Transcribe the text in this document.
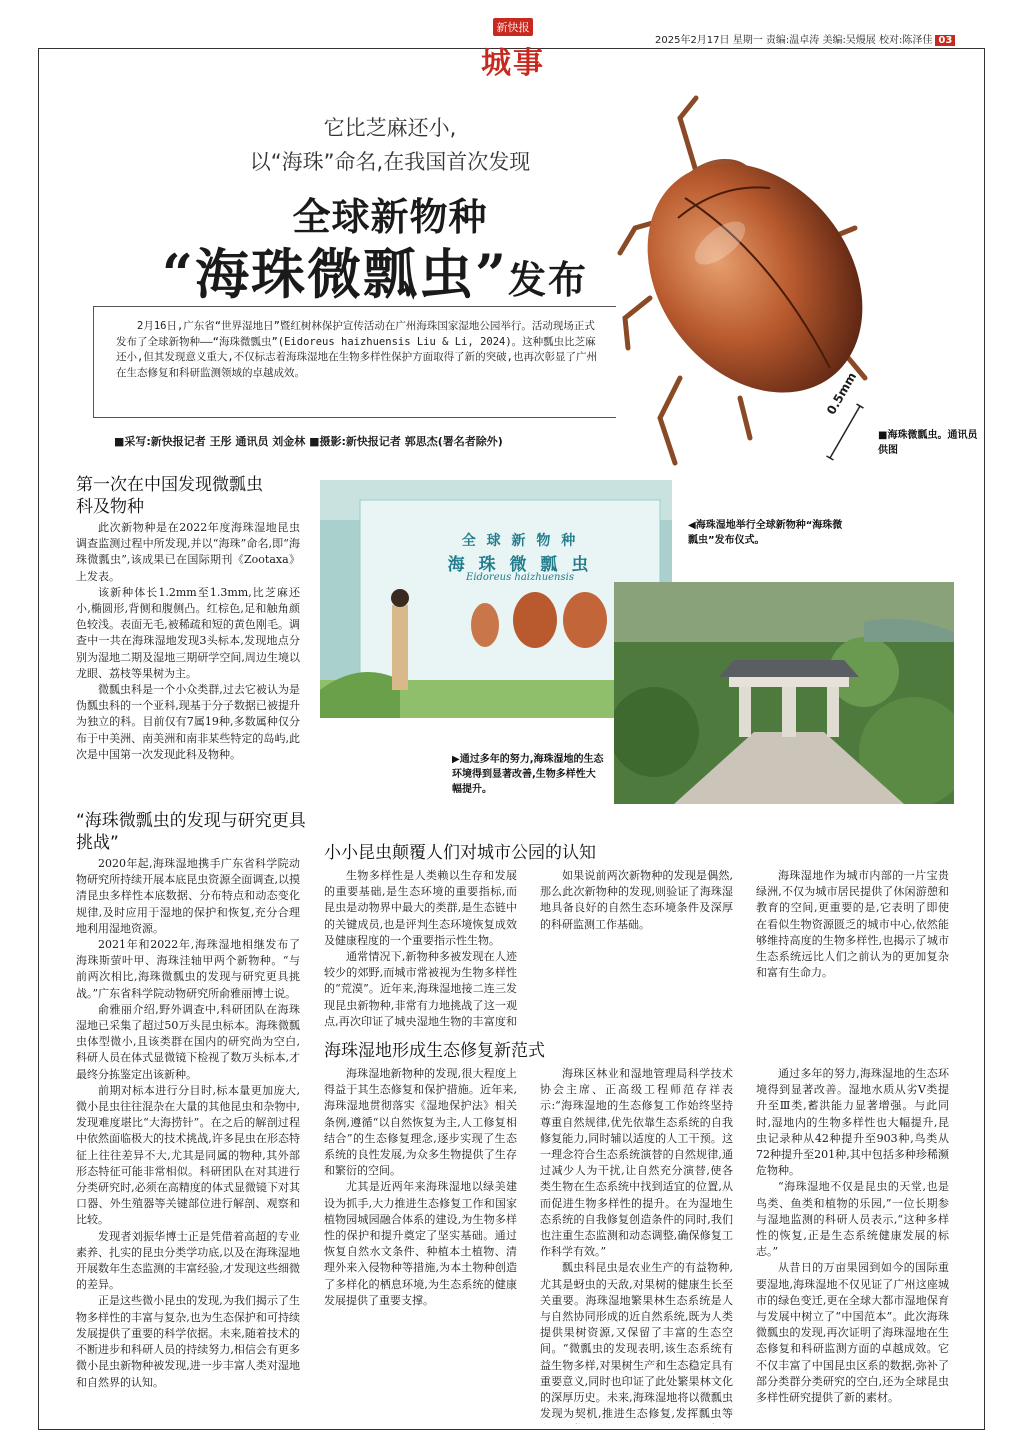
新快报
城事
2025年2月17日 星期一 责编:温卓涛 美编:吴熳展 校对:陈泽佳 03
它比芝麻还小,
以“海珠”命名,在我国首次发现
全球新物种
“海珠微瓢虫”发布
0.5mm
■海珠微瓢虫。通讯员供图
2月16日,广东省“世界湿地日”暨红树林保护宣传活动在广州海珠国家湿地公园举行。活动现场正式发布了全球新物种——“海珠微瓢虫”(Eidoreus haizhuensis Liu & Li, 2024)。这种瓢虫比芝麻还小,但其发现意义重大,不仅标志着海珠湿地在生物多样性保护方面取得了新的突破,也再次彰显了广州在生态修复和科研监测领域的卓越成效。
■采写:新快报记者 王彤 通讯员 刘金林 ■摄影:新快报记者 郭思杰(署名者除外)
全 球 新 物 种
海 珠 微 瓢 虫
Eidoreus haizhuensis
◀海珠湿地举行全球新物种“海珠微瓢虫”发布仪式。
▶通过多年的努力,海珠湿地的生态环境得到显著改善,生物多样性大幅提升。
第一次在中国发现微瓢虫科及物种

此次新物种是在2022年度海珠湿地昆虫调查监测过程中所发现,并以“海珠”命名,即“海珠微瓢虫”,该成果已在国际期刊《Zootaxa》上发表。

该新种体长1.2mm至1.3mm,比芝麻还小,椭圆形,背侧和腹侧凸。红棕色,足和触角颜色较浅。表面无毛,被稀疏和短的黄色刚毛。调查中一共在海珠湿地发现3头标本,发现地点分别为湿地二期及湿地三期研学空间,周边生境以龙眼、荔枝等果树为主。

微瓢虫科是一个小众类群,过去它被认为是伪瓢虫科的一个亚科,现基于分子数据已被提升为独立的科。目前仅有7属19种,多数属种仅分布于中美洲、南美洲和南非某些特定的岛屿,此次是中国第一次发现此科及物种。

“海珠微瓢虫的发现与研究更具挑战”

2020年起,海珠湿地携手广东省科学院动物研究所持续开展本底昆虫资源全面调查,以摸清昆虫多样性本底数据、分布特点和动态变化规律,及时应用于湿地的保护和恢复,充分合理地利用湿地资源。

2021年和2022年,海珠湿地相继发布了海珠斯萤叶甲、海珠洼轴甲两个新物种。“与前两次相比,海珠微瓢虫的发现与研究更具挑战。”广东省科学院动物研究所俞雅丽博士说。

俞雅丽介绍,野外调查中,科研团队在海珠湿地已采集了超过50万头昆虫标本。海珠微瓢虫体型微小,且该类群在国内的研究尚为空白,科研人员在体式显微镜下检视了数万头标本,才最终分拣鉴定出该新种。

前期对标本进行分目时,标本量更加庞大,微小昆虫往往混杂在大量的其他昆虫和杂物中,发现难度堪比“大海捞针”。在之后的解剖过程中依然面临极大的技术挑战,许多昆虫在形态特征上往往差异不大,尤其是同属的物种,其外部形态特征可能非常相似。科研团队在对其进行分类研究时,必须在高精度的体式显微镜下对其口器、外生殖器等关键部位进行解剖、观察和比较。

发现者刘振华博士正是凭借着高超的专业素养、扎实的昆虫分类学功底,以及在海珠湿地开展数年生态监测的丰富经验,才发现这些细微的差异。

正是这些微小昆虫的发现,为我们揭示了生物多样性的丰富与复杂,也为生态保护和可持续发展提供了重要的科学依据。未来,随着技术的不断进步和科研人员的持续努力,相信会有更多微小昆虫新物种被发现,进一步丰富人类对湿地和自然界的认知。

小小昆虫颠覆人们对城市公园的认知

生物多样性是人类赖以生存和发展的重要基础,是生态环境的重要指标,而昆虫是动物界中最大的类群,是生态链中的关键成员,也是评判生态环境恢复成效及健康程度的一个重要指示性生物。

通常情况下,新物种多被发现在人迹较少的郊野,而城市常被视为生物多样性的“荒漠”。近年来,海珠湿地接二连三发现昆虫新物种,非常有力地挑战了这一观点,再次印证了城央湿地生物的丰富度和

如果说前两次新物种的发现是偶然,那么此次新物种的发现,则验证了海珠湿地具备良好的自然生态环境条件及深厚的科研监测工作基础。

海珠湿地作为城市内部的一片宝贵绿洲,不仅为城市居民提供了休闲游憩和教育的空间,更重要的是,它表明了即使在看似生物资源匮乏的城市中心,依然能够维持高度的生物多样性,也揭示了城市生态系统远比人们之前认为的更加复杂和富有生命力。

海珠湿地形成生态修复新范式

海珠湿地新物种的发现,很大程度上得益于其生态修复和保护措施。近年来,海珠湿地贯彻落实《湿地保护法》相关条例,遵循“以自然恢复为主,人工修复相结合”的生态修复理念,逐步实现了生态系统的良性发展,为众多生物提供了生存和繁衍的空间。

尤其是近两年来海珠湿地以绿美建设为抓手,大力推进生态修复工作和国家植物园城园融合体系的建设,为生物多样性的保护和提升奠定了坚实基础。通过恢复自然水文条件、种植本土植物、清理外来入侵物种等措施,为本土物种创造了多样化的栖息环境,为生态系统的健康发展提供了重要支撑。

海珠区林业和湿地管理局科学技术协会主席、正高级工程师范存祥表示:“海珠湿地的生态修复工作始终坚持尊重自然规律,优先依靠生态系统的自我修复能力,同时辅以适度的人工干预。这一理念符合生态系统演替的自然规律,通过减少人为干扰,让自然充分演替,使各类生物在生态系统中找到适宜的位置,从而促进生物多样性的提升。在为湿地生态系统的自我修复创造条件的同时,我们也注重生态监测和动态调整,确保修复工作科学有效。”

瓢虫科昆虫是农业生产的有益物种,尤其是蚜虫的天敌,对果树的健康生长至关重要。海珠湿地繁果林生态系统是人与自然协同形成的近自然系统,既为人类提供果树资源,又保留了丰富的生态空间。“微瓢虫的发现表明,该生态系统有益生物多样,对果树生产和生态稳定具有重要意义,同时也印证了此处繁果林文化的深厚历史。未来,海珠湿地将以微瓢虫发现为契机,推进生态修复,发挥瓢虫等

通过多年的努力,海珠湿地的生态环境得到显著改善。湿地水质从劣Ⅴ类提升至Ⅲ类,蓄洪能力显著增强。与此同时,湿地内的生物多样性也大幅提升,昆虫记录种从42种提升至903种,鸟类从72种提升至201种,其中包括多种珍稀濒危物种。

“海珠湿地不仅是昆虫的天堂,也是鸟类、鱼类和植物的乐园,”一位长期参与湿地监测的科研人员表示,“这种多样性的恢复,正是生态系统健康发展的标志。”

从昔日的万亩果园到如今的国际重要湿地,海珠湿地不仅见证了广州这座城市的绿色变迁,更在全球大都市湿地保育与发展中树立了“中国范本”。此次海珠微瓢虫的发现,再次证明了海珠湿地在生态修复和科研监测方面的卓越成效。它不仅丰富了中国昆虫区系的数据,弥补了部分类群分类研究的空白,还为全球昆虫多样性研究提供了新的素材。
